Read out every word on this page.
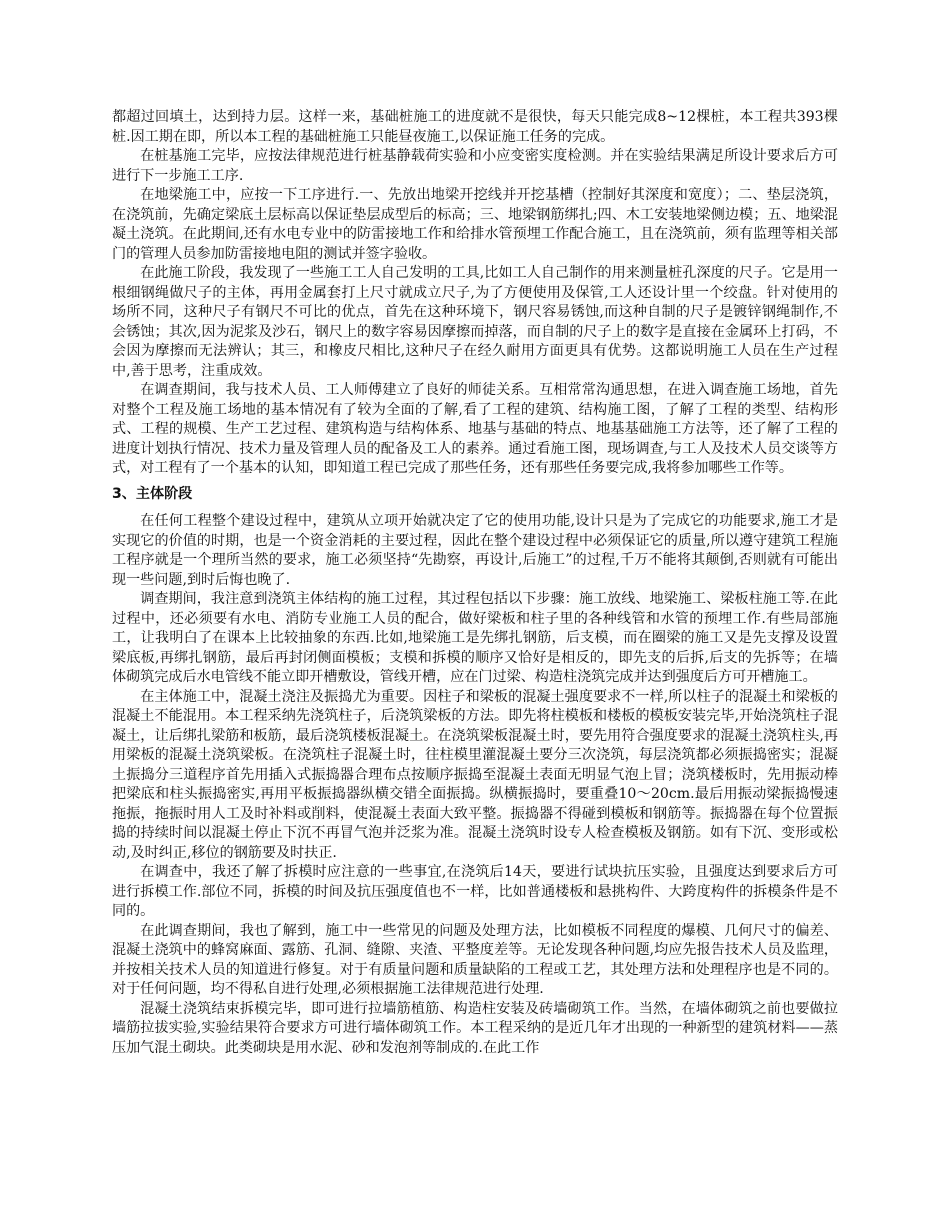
都超过回填土，达到持力层。这样一来，基础桩施工的进度就不是很快，每天只能完成8~12棵桩，本工程共393棵桩.因工期在即，所以本工程的基础桩施工只能昼夜施工,以保证施工任务的完成。

在桩基施工完毕，应按法律规范进行桩基静载荷实验和小应变密实度检测。并在实验结果满足所设计要求后方可进行下一步施工工序.

在地梁施工中，应按一下工序进行.一、先放出地梁开挖线并开挖基槽（控制好其深度和宽度）；二、垫层浇筑，在浇筑前，先确定梁底土层标高以保证垫层成型后的标高；三、地梁钢筋绑扎;四、木工安装地梁侧边模；五、地梁混凝土浇筑。在此期间,还有水电专业中的防雷接地工作和给排水管预埋工作配合施工，且在浇筑前，须有监理等相关部门的管理人员参加防雷接地电阻的测试并签字验收。

在此施工阶段，我发现了一些施工工人自己发明的工具,比如工人自己制作的用来测量桩孔深度的尺子。它是用一根细钢绳做尺子的主体，再用金属套打上尺寸就成立尺子,为了方便使用及保管,工人还设计里一个绞盘。针对使用的场所不同，这种尺子有钢尺不可比的优点，首先在这种环境下，钢尺容易锈蚀,而这种自制的尺子是镀锌钢绳制作,不会锈蚀；其次,因为泥浆及沙石，钢尺上的数字容易因摩擦而掉落，而自制的尺子上的数字是直接在金属环上打码，不会因为摩擦而无法辨认；其三，和橡皮尺相比,这种尺子在经久耐用方面更具有优势。这都说明施工人员在生产过程中,善于思考，注重成效。

在调查期间，我与技术人员、工人师傅建立了良好的师徒关系。互相常常沟通思想，在进入调查施工场地，首先对整个工程及施工场地的基本情况有了较为全面的了解,看了工程的建筑、结构施工图，了解了工程的类型、结构形式、工程的规模、生产工艺过程、建筑构造与结构体系、地基与基础的特点、地基基础施工方法等，还了解了工程的进度计划执行情况、技术力量及管理人员的配备及工人的素养。通过看施工图，现场调查,与工人及技术人员交谈等方式，对工程有了一个基本的认知，即知道工程已完成了那些任务，还有那些任务要完成,我将参加哪些工作等。

3、主体阶段

在任何工程整个建设过程中，建筑从立项开始就决定了它的使用功能,设计只是为了完成它的功能要求,施工才是实现它的价值的时期，也是一个资金消耗的主要过程，因此在整个建设过程中必须保证它的质量,所以遵守建筑工程施工程序就是一个理所当然的要求，施工必须坚持“先勘察，再设计,后施工”的过程,千万不能将其颠倒,否则就有可能出现一些问题,到时后悔也晚了.

调查期间，我注意到浇筑主体结构的施工过程，其过程包括以下步骤：施工放线、地梁施工、梁板柱施工等.在此过程中，还必须要有水电、消防专业施工人员的配合，做好梁板和柱子里的各种线管和水管的预埋工作.有些局部施工，让我明白了在课本上比较抽象的东西.比如,地梁施工是先绑扎钢筋，后支模，而在圈梁的施工又是先支撑及设置梁底板,再绑扎钢筋，最后再封闭侧面模板；支模和拆模的顺序又恰好是相反的，即先支的后拆,后支的先拆等；在墙体砌筑完成后水电管线不能立即开槽敷设，管线开槽，应在门过梁、构造柱浇筑完成并达到强度后方可开槽施工。

在主体施工中，混凝土浇注及振捣尤为重要。因柱子和梁板的混凝土强度要求不一样,所以柱子的混凝土和梁板的混凝土不能混用。本工程采纳先浇筑柱子，后浇筑梁板的方法。即先将柱模板和楼板的模板安装完毕,开始浇筑柱子混凝土，让后绑扎梁筋和板筋，最后浇筑楼板混凝土。在浇筑梁板混凝土时，要先用符合强度要求的混凝土浇筑柱头,再用梁板的混凝土浇筑梁板。在浇筑柱子混凝土时，往柱模里灌混凝土要分三次浇筑，每层浇筑都必须振捣密实；混凝土振捣分三道程序首先用插入式振捣器合理布点按顺序振捣至混凝土表面无明显气泡上冒；浇筑楼板时，先用振动棒把梁底和柱头振捣密实,再用平板振捣器纵横交错全面振捣。纵横振捣时，要重叠10～20cm.最后用振动梁振捣慢速拖振，拖振时用人工及时补料或削料，使混凝土表面大致平整。振捣器不得碰到模板和钢筋等。振捣器在每个位置振捣的持续时间以混凝土停止下沉不再冒气泡并泛浆为准。混凝土浇筑时设专人检查模板及钢筋。如有下沉、变形或松动,及时纠正,移位的钢筋要及时扶正.

在调查中，我还了解了拆模时应注意的一些事宜,在浇筑后14天，要进行试块抗压实验，且强度达到要求后方可进行拆模工作.部位不同，拆模的时间及抗压强度值也不一样，比如普通楼板和悬挑构件、大跨度构件的拆模条件是不同的。

在此调查期间，我也了解到，施工中一些常见的问题及处理方法，比如模板不同程度的爆模、几何尺寸的偏差、混凝土浇筑中的蜂窝麻面、露筋、孔洞、缝隙、夹渣、平整度差等。无论发现各种问题,均应先报告技术人员及监理，并按相关技术人员的知道进行修复。对于有质量问题和质量缺陷的工程或工艺，其处理方法和处理程序也是不同的。对于任何问题，均不得私自进行处理,必须根据施工法律规范进行处理.

混凝土浇筑结束拆模完毕，即可进行拉墙筋植筋、构造柱安装及砖墙砌筑工作。当然，在墙体砌筑之前也要做拉墙筋拉拔实验,实验结果符合要求方可进行墙体砌筑工作。本工程采纳的是近几年才出现的一种新型的建筑材料——蒸压加气混土砌块。此类砌块是用水泥、砂和发泡剂等制成的.在此工作
